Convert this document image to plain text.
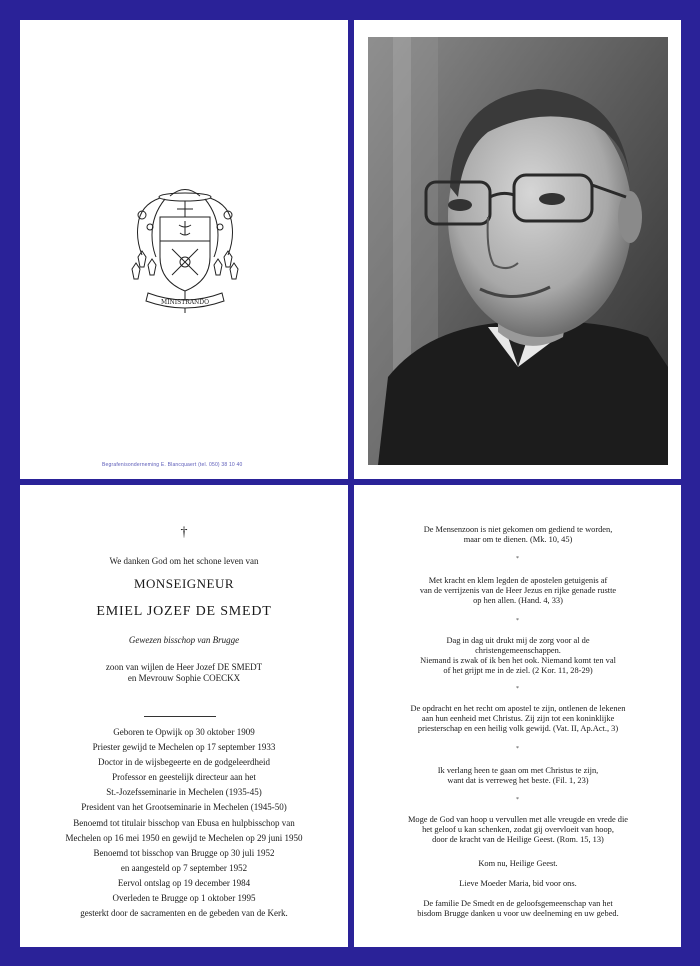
MINISTRANDO
Begrafenisonderneming E. Blancquaert (tel. 050) 38 10 40
†
We danken God om het schone leven van
MONSEIGNEUR
EMIEL JOZEF DE SMEDT
Gewezen bisschop van Brugge
zoon van wijlen de Heer Jozef DE SMEDT
en Mevrouw Sophie COECKX
Geboren te Opwijk op 30 oktober 1909
Priester gewijd te Mechelen op 17 september 1933
Doctor in de wijsbegeerte en de godgeleerdheid
Professor en geestelijk directeur aan het
St.-Jozefsseminarie in Mechelen (1935-45)
President van het Grootseminarie in Mechelen (1945-50)
Benoemd tot titulair bisschop van Ebusa en hulpbisschop van
Mechelen op 16 mei 1950 en gewijd te Mechelen op 29 juni 1950
Benoemd tot bisschop van Brugge op 30 juli 1952
en aangesteld op 7 september 1952
Eervol ontslag op 19 december 1984
Overleden te Brugge op 1 oktober 1995
gesterkt door de sacramenten en de gebeden van de Kerk.
De Mensenzoon is niet gekomen om gediend te worden,
maar om te dienen. (Mk. 10, 45)
*
Met kracht en klem legden de apostelen getuigenis af
van de verrijzenis van de Heer Jezus en rijke genade rustte
op hen allen. (Hand. 4, 33)
*
Dag in dag uit drukt mij de zorg voor al de
christengemeenschappen.
Niemand is zwak of ik ben het ook. Niemand komt ten val
of het grijpt me in de ziel. (2 Kor. 11, 28-29)
*
De opdracht en het recht om apostel te zijn, ontlenen de lekenen
aan hun eenheid met Christus. Zij zijn tot een koninklijke
priesterschap en een heilig volk gewijd. (Vat. II, Ap.Act., 3)
*
Ik verlang heen te gaan om met Christus te zijn,
want dat is verreweg het beste. (Fil. 1, 23)
*
Moge de God van hoop u vervullen met alle vreugde en vrede die
het geloof u kan schenken, zodat gij overvloeit van hoop,
door de kracht van de Heilige Geest. (Rom. 15, 13)
Kom nu, Heilige Geest.
Lieve Moeder Maria, bid voor ons.
De familie De Smedt en de geloofsgemeenschap van het
bisdom Brugge danken u voor uw deelneming en uw gebed.
